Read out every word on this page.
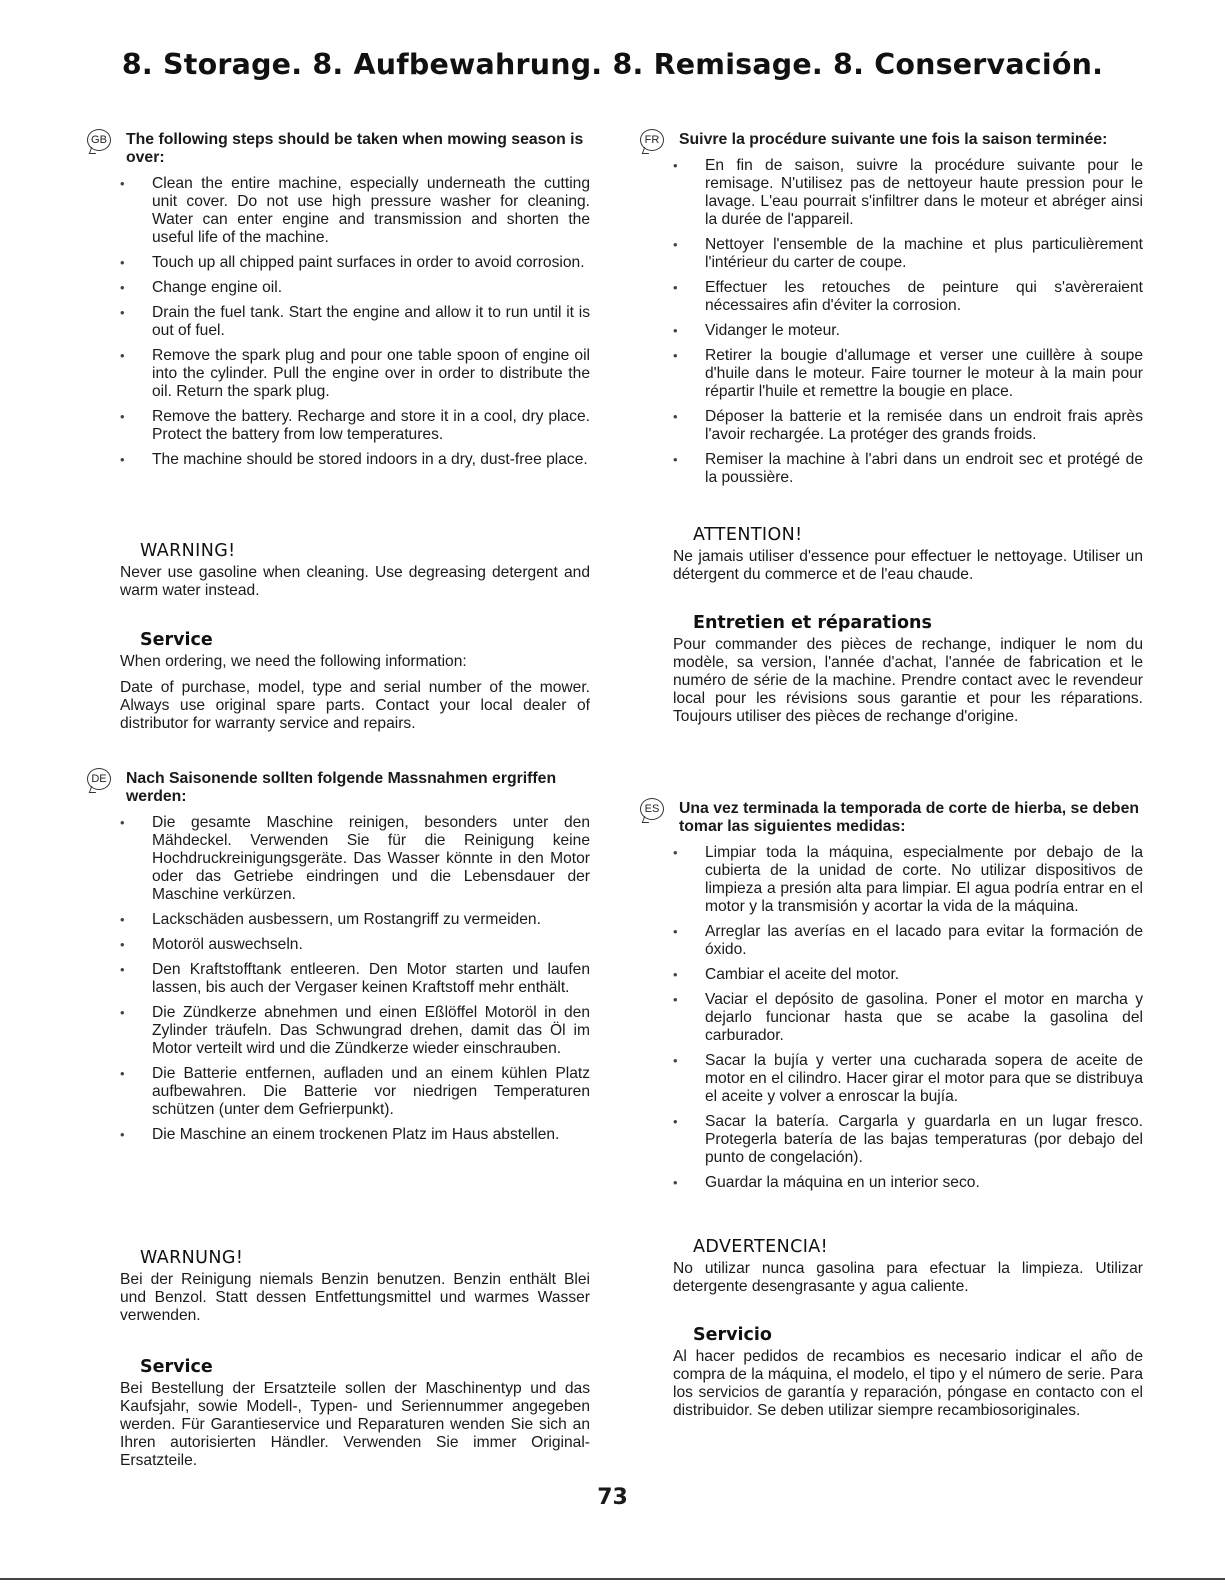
8. Storage. 8. Aufbewahrung. 8. Remisage. 8. Conservación.
GB The following steps should be taken when mowing season is over:
• Clean the entire machine, especially underneath the cutting unit cover. Do not use high pressure washer for cleaning. Water can enter engine and transmission and shorten the useful life of the machine.
• Touch up all chipped paint surfaces in order to avoid corrosion.
• Change engine oil.
• Drain the fuel tank. Start the engine and allow it to run until it is out of fuel.
• Remove the spark plug and pour one table spoon of engine oil into the cylinder. Pull the engine over in order to distribute the oil. Return the spark plug.
• Remove the battery. Recharge and store it in a cool, dry place. Protect the battery from low temperatures.
• The machine should be stored indoors in a dry, dust-free place.
WARNING!

Never use gasoline when cleaning. Use degreasing detergent and warm water instead.

Service

When ordering, we need the following information:

Date of purchase, model, type and serial number of the mower. Always use original spare parts. Contact your local dealer of distributor for warranty service and repairs.

DE Nach Saisonende sollten folgende Massnahmen ergriffen werden:
• Die gesamte Maschine reinigen, besonders unter den Mähdeckel. Verwenden Sie für die Reinigung keine Hochdruckreinigungsgeräte. Das Wasser könnte in den Motor oder das Getriebe eindringen und die Lebensdauer der Maschine verkürzen.
• Lackschäden ausbessern, um Rostangriff zu vermeiden.
• Motoröl auswechseln.
• Den Kraftstofftank entleeren. Den Motor starten und laufen lassen, bis auch der Vergaser keinen Kraftstoff mehr enthält.
• Die Zündkerze abnehmen und einen Eßlöffel Motoröl in den Zylinder träufeln. Das Schwungrad drehen, damit das Öl im Motor verteilt wird und die Zündkerze wieder einschrauben.
• Die Batterie entfernen, aufladen und an einem kühlen Platz aufbewahren. Die Batterie vor niedrigen Temperaturen schützen (unter dem Gefrierpunkt).
• Die Maschine an einem trockenen Platz im Haus abstellen.
WARNUNG!

Bei der Reinigung niemals Benzin benutzen. Benzin enthält Blei und Benzol. Statt dessen Entfettungsmittel und warmes Wasser verwenden.

Service

Bei Bestellung der Ersatzteile sollen der Maschinentyp und das Kaufsjahr, sowie Modell-, Typen- und Seriennummer angegeben werden. Für Garantieservice und Reparaturen wenden Sie sich an Ihren autorisierten Händler. Verwenden Sie immer Original-Ersatzteile.

FR Suivre la procédure suivante une fois la saison terminée:
• En fin de saison, suivre la procédure suivante pour le remisage. N'utilisez pas de nettoyeur haute pression pour le lavage. L'eau pourrait s'infiltrer dans le moteur et abréger ainsi la durée de l'appareil.
• Nettoyer l'ensemble de la machine et plus particulièrement l'intérieur du carter de coupe.
• Effectuer les retouches de peinture qui s'avèreraient nécessaires afin d'éviter la corrosion.
• Vidanger le moteur.
• Retirer la bougie d'allumage et verser une cuillère à soupe d'huile dans le moteur. Faire tourner le moteur à la main pour répartir l'huile et remettre la bougie en place.
• Déposer la batterie et la remisée dans un endroit frais après l'avoir rechargée. La protéger des grands froids.
• Remiser la machine à l'abri dans un endroit sec et protégé de la poussière.
ATTENTION!

Ne jamais utiliser d'essence pour effectuer le nettoyage. Utiliser un détergent du commerce et de l'eau chaude.

Entretien et réparations

Pour commander des pièces de rechange, indiquer le nom du modèle, sa version, l'année d'achat, l'année de fabrication et le numéro de série de la machine. Prendre contact avec le revendeur local pour les révisions sous garantie et pour les réparations. Toujours utiliser des pièces de rechange d'origine.

ES Una vez terminada la temporada de corte de hierba, se deben tomar las siguientes medidas:
• Limpiar toda la máquina, especialmente por debajo de la cubierta de la unidad de corte. No utilizar dispositivos de limpieza a presión alta para limpiar. El agua podría entrar en el motor y la transmisión y acortar la vida de la máquina.
• Arreglar las averías en el lacado para evitar la formación de óxido.
• Cambiar el aceite del motor.
• Vaciar el depósito de gasolina. Poner el motor en marcha y dejarlo funcionar hasta que se acabe la gasolina del carburador.
• Sacar la bujía y verter una cucharada sopera de aceite de motor en el cilindro. Hacer girar el motor para que se distribuya el aceite y volver a enroscar la bujía.
• Sacar la batería. Cargarla y guardarla en un lugar fresco. Protegerla batería de las bajas temperaturas (por debajo del punto de congelación).
• Guardar la máquina en un interior seco.
ADVERTENCIA!

No utilizar nunca gasolina para efectuar la limpieza. Utilizar detergente desengrasante y agua caliente.

Servicio

Al hacer pedidos de recambios es necesario indicar el año de compra de la máquina, el modelo, el tipo y el número de serie. Para los servicios de garantía y reparación, póngase en contacto con el distribuidor. Se deben utilizar siempre recambiosoriginales.

73
